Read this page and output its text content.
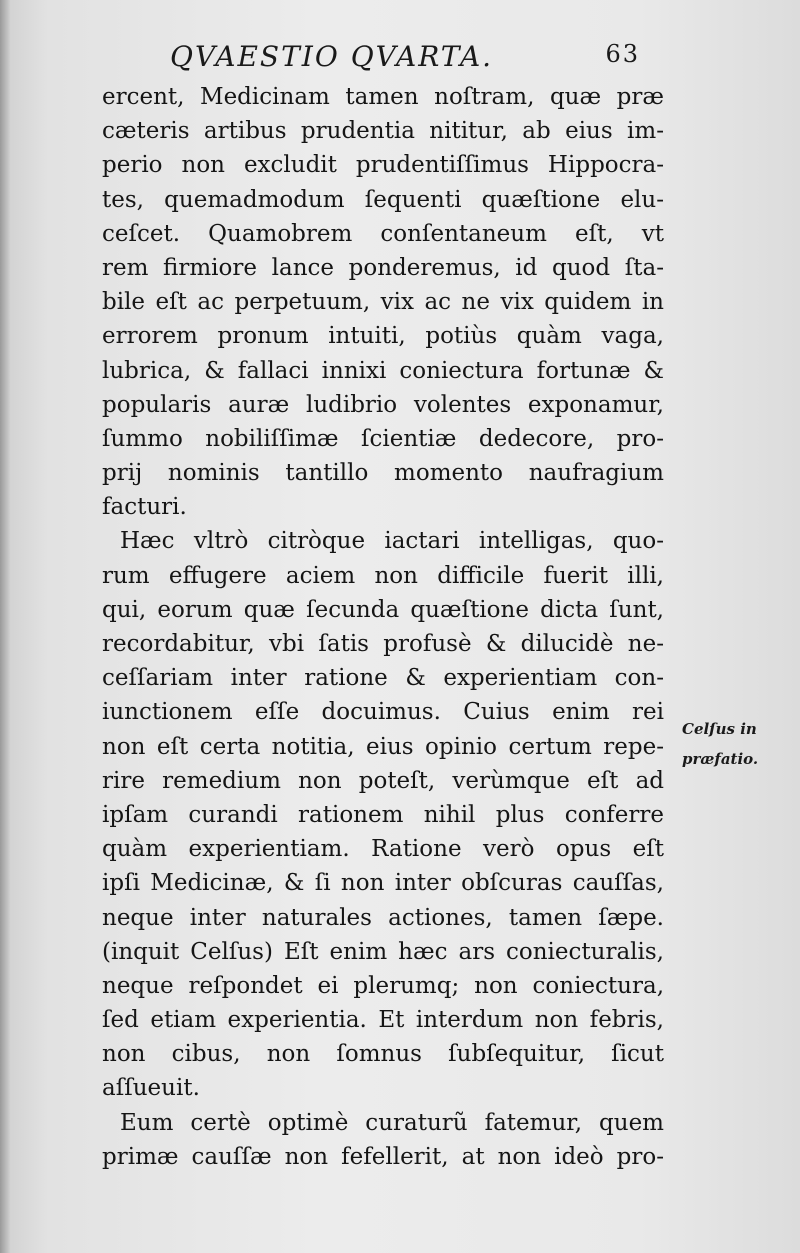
QVAESTIO QVARTA.	63
ercent, Medicinam tamen noſtram, quæ præ
cæteris artibus prudentia nititur, ab eius im-
perio non excludit prudentiſſimus Hippocra-
tes, quemadmodum ſequenti quæſtione elu-
ceſcet. Quamobrem conſentaneum eſt, vt
rem firmiore lance ponderemus, id quod ſta-
bile eſt ac perpetuum, vix ac ne vix quidem in
errorem pronum intuiti, potiùs quàm vaga,
lubrica, & fallaci innixi coniectura fortunæ &
popularis auræ ludibrio volentes exponamur,
ſummo nobiliſſimæ ſcientiæ dedecore, pro-
prij nominis tantillo momento naufragium
facturi.
Hæc vltrò citròque iactari intelligas, quo-
rum effugere aciem non difficile fuerit illi,
qui, eorum quæ ſecunda quæſtione dicta ſunt,
recordabitur, vbi ſatis profusè & dilucidè ne-
ceſſariam inter ratione & experientiam con-
iunctionem eſſe docuimus. Cuius enim rei
non eſt certa notitia, eius opinio certum repe-
rire remedium non poteſt, verùmque eſt ad
ipſam curandi rationem nihil plus conferre
quàm experientiam. Ratione verò opus eſt
ipſi Medicinæ, & ſi non inter obſcuras cauſſas,
neque inter naturales actiones, tamen ſæpe.
(inquit Celſus) Eſt enim hæc ars coniecturalis,
neque reſpondet ei plerumq; non coniectura,
ſed etiam experientia. Et interdum non febris,
non cibus, non ſomnus ſubſequitur, ſicut
aſſueuit.
Eum certè optimè curaturũ fatemur, quem
primæ cauſſæ non fefellerit, at non ideò pro-
Celſus in
præfatio.
